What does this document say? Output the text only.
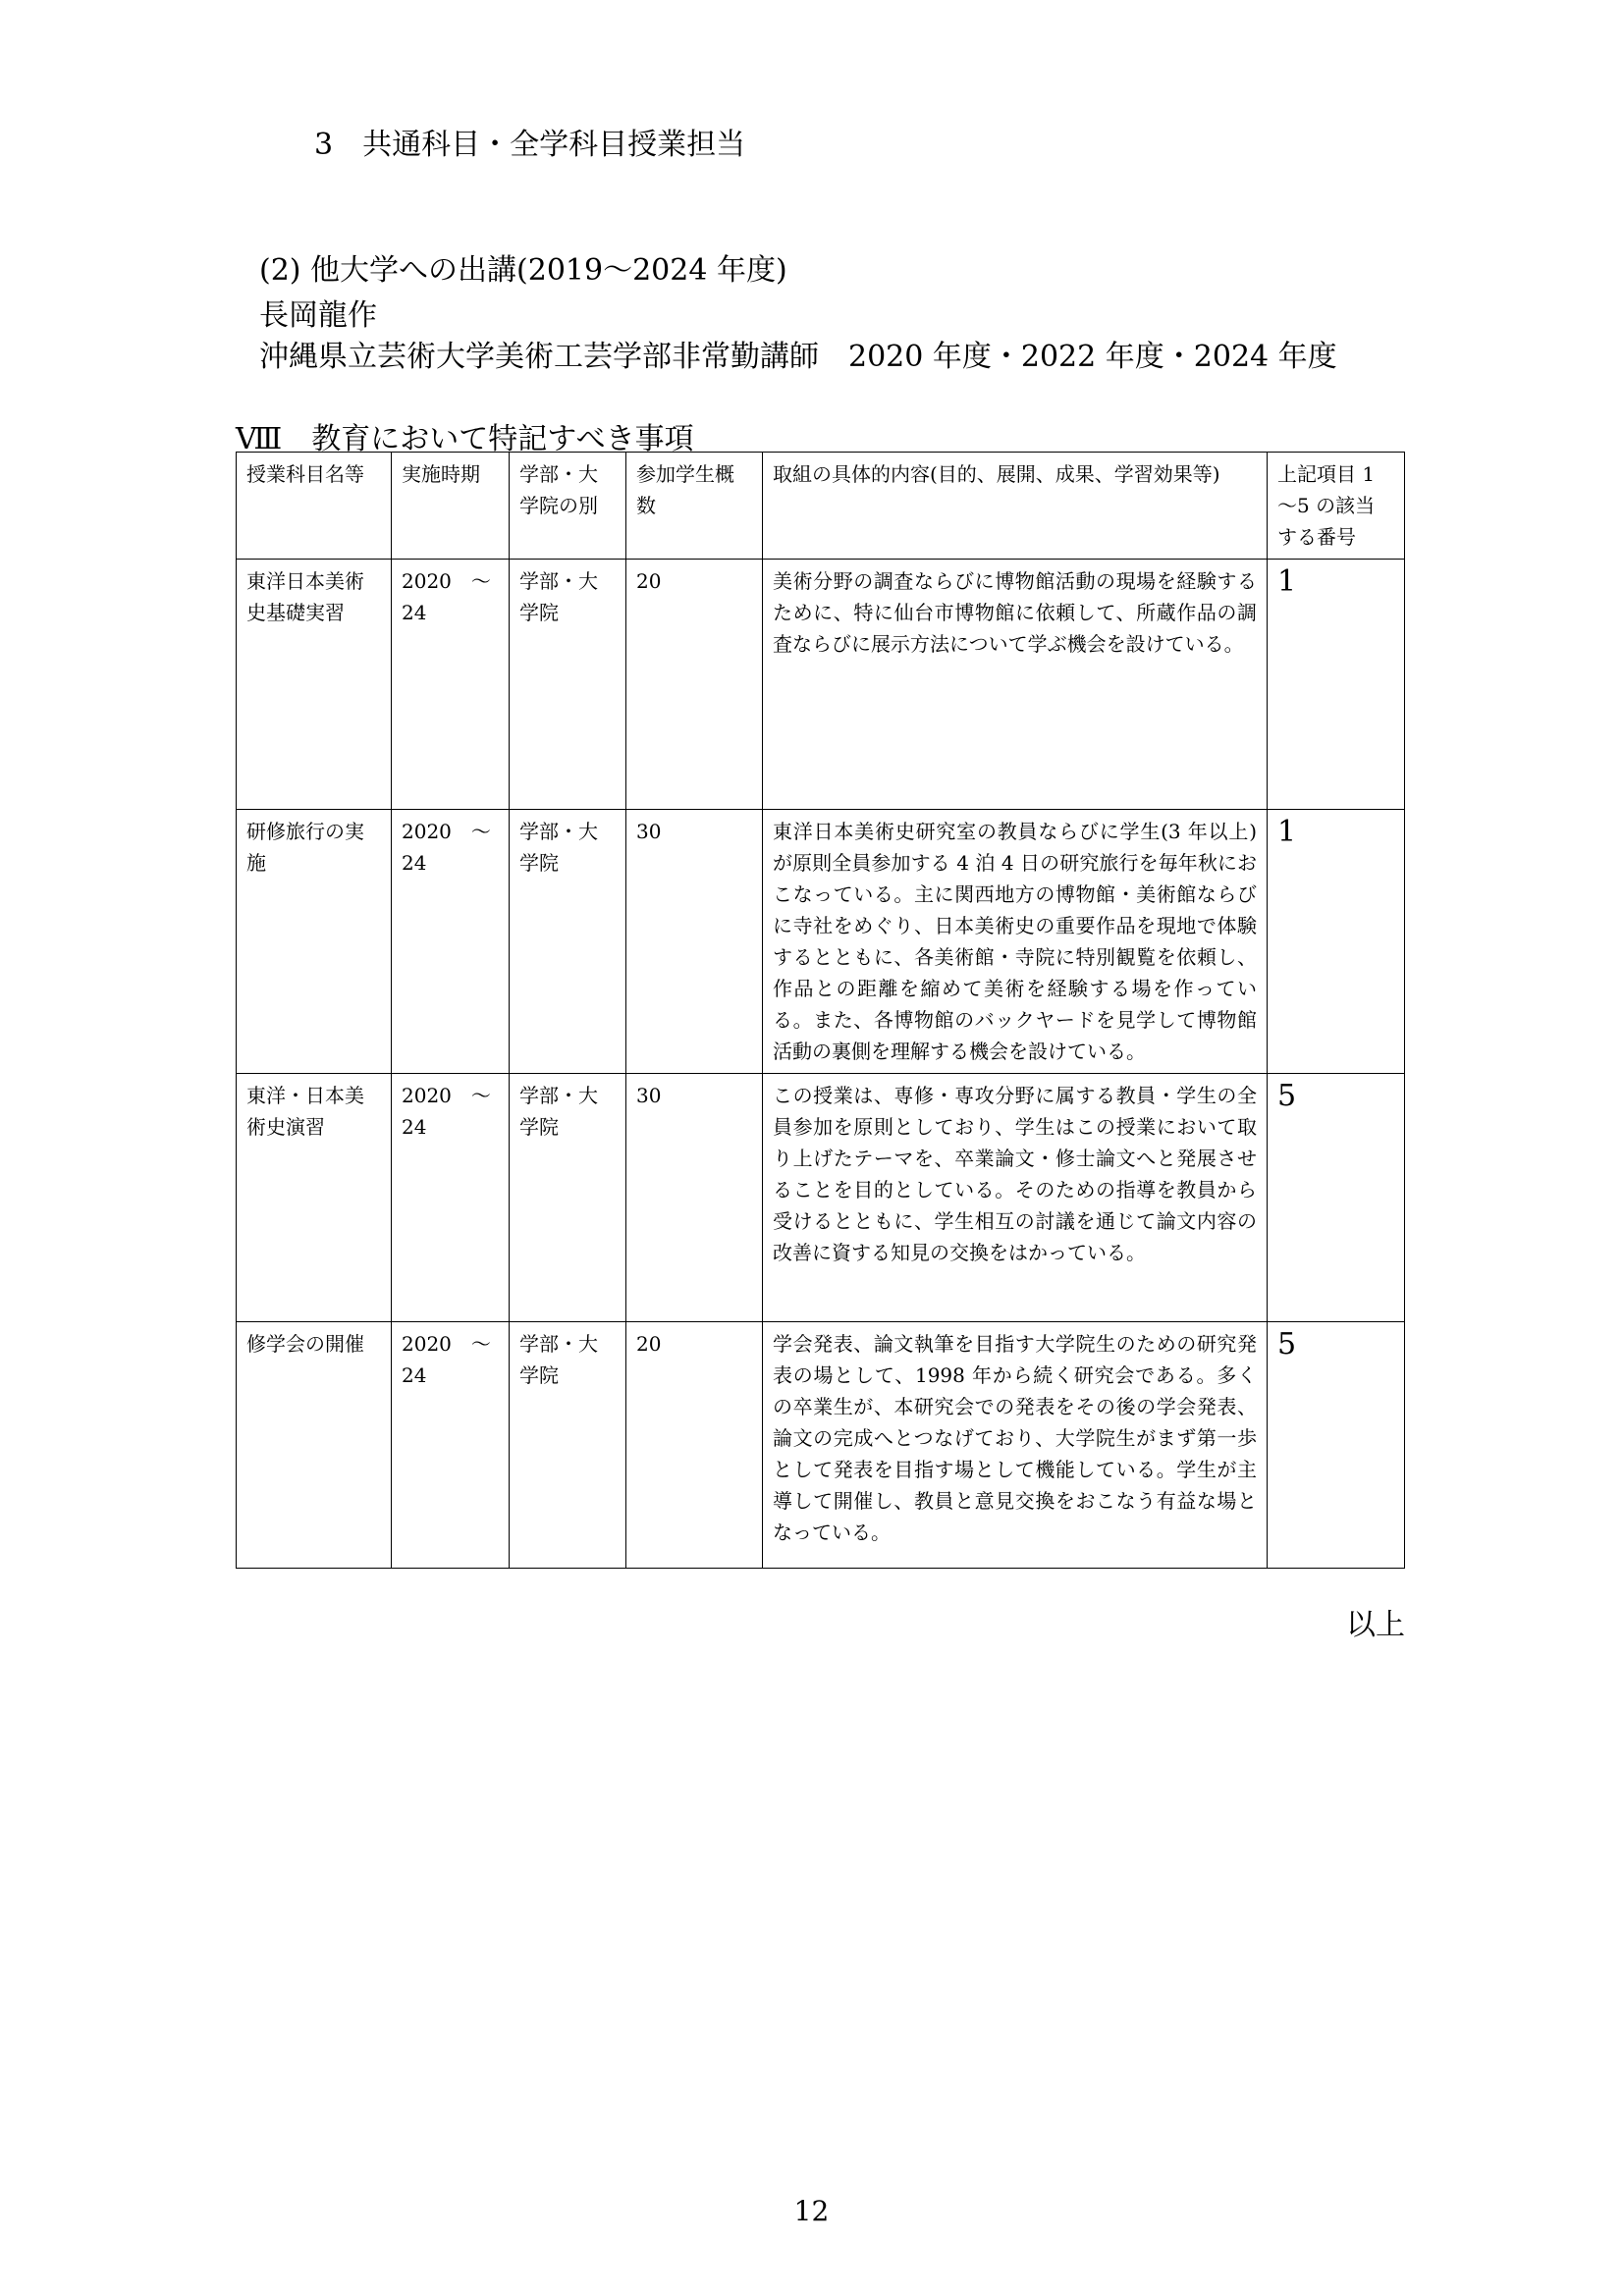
3　共通科目・全学科目授業担当
(2) 他大学への出講(2019～2024 年度)
長岡龍作
沖縄県立芸術大学美術工芸学部非常勤講師　2020 年度・2022 年度・2024 年度
Ⅷ　教育において特記すべき事項
授業科目名等	実施時期	学部・大学院の別	参加学生概数	取組の具体的内容(目的、展開、成果、学習効果等)	上記項目 1～5 の該当する番号
東洋日本美術史基礎実習	2020　～24	学部・大学院	20	美術分野の調査ならびに博物館活動の現場を経験するために、特に仙台市博物館に依頼して、所蔵作品の調査ならびに展示方法について学ぶ機会を設けている。	1
研修旅行の実施	2020　～24	学部・大学院	30	東洋日本美術史研究室の教員ならびに学生(3 年以上)が原則全員参加する 4 泊 4 日の研究旅行を毎年秋におこなっている。主に関西地方の博物館・美術館ならびに寺社をめぐり、日本美術史の重要作品を現地で体験するとともに、各美術館・寺院に特別観覧を依頼し、作品との距離を縮めて美術を経験する場を作っている。また、各博物館のバックヤードを見学して博物館活動の裏側を理解する機会を設けている。	1
東洋・日本美術史演習	2020　～24	学部・大学院	30	この授業は、専修・専攻分野に属する教員・学生の全員参加を原則としており、学生はこの授業において取り上げたテーマを、卒業論文・修士論文へと発展させることを目的としている。そのための指導を教員から受けるとともに、学生相互の討議を通じて論文内容の改善に資する知見の交換をはかっている。	5
修学会の開催	2020　～24	学部・大学院	20	学会発表、論文執筆を目指す大学院生のための研究発表の場として、1998 年から続く研究会である。多くの卒業生が、本研究会での発表をその後の学会発表、論文の完成へとつなげており、大学院生がまず第一歩として発表を目指す場として機能している。学生が主導して開催し、教員と意見交換をおこなう有益な場となっている。	5
以上
12
